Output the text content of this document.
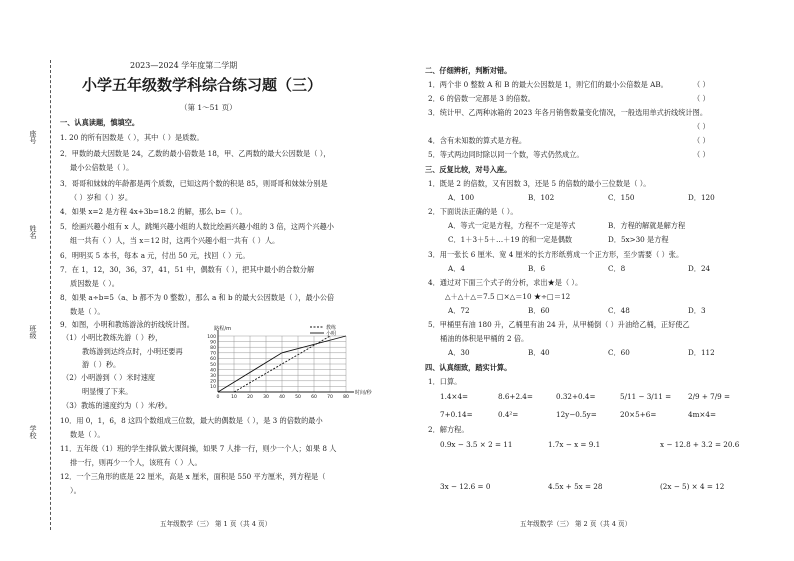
座号
姓名
班级
学校
2023—2024 学年度第二学期
小学五年级数学科综合练习题（三）
（第 1～51 页）
一、认真读题，慎填空。
1. 20 的所有因数是（ ），其中（ ）是质数。
2．甲数的最大因数是 24，乙数的最小倍数是 18，甲、乙两数的最大公因数是（ ），
最小公倍数是（ ）。
3．哥哥和妹妹的年龄都是两个质数，已知这两个数的积是 85，则哥哥和妹妹分别是
（ ）岁和（ ）岁。
4．如果 x=2 是方程 4x+3b=18.2 的解，那么 b=（ ）。
5．绘画兴趣小组有 x 人，跳绳兴趣小组的人数比绘画兴趣小组的 3 倍，这两个兴趣小
组一共有（ ）人，当 x＝12 时，这两个兴趣小组一共有（ ）人。
6．明明买 5 本书，每本 a 元，付出 50 元，找回（ ）元。
7．在 1，12，30，36，37，41，51 中，偶数有（ ），把其中最小的合数分解
质因数是（ ）。
8．如果 a÷b=5（a、b 都不为 0 整数），那么 a 和 b 的最大公因数是（ ），最小公倍
数是（ ）。
9．如图，小明和教练游泳的折线统计图。
（1）小明比教练先游（ ）秒，
教练游到达终点时，小明还要再
游（ ）秒。
（2）小明游到（ ）米时速度
明显慢了下来。
（3）教练的速度约为（ ）米/秒。
10
20
30
40
50
60
70
80
90
100
0	10 20 30 40 50 60 70 80
路程/m
时间/秒
教练
小明
10．用 0，1，6，8 这四个数组成三位数，最大的偶数是（ ），是 3 的倍数的最小
数是（ ）。
11．五年级（1）班的学生排队做大课间操，如果 7 人排一行，则少一个人；如果 8 人
排一行，则再少一个人，该班有（ ）人。
12．一个三角形的底是 22 厘米，高是 x 厘米，面积是 550 平方厘米，列方程是（
）。
五年级数学（三） 第 1 页（共 4 页）
二、仔细辨析，判断对错。
1．两个非 0 整数 A 和 B 的最大公因数是 1，则它们的最小公倍数是 AB。	（ ）
2．6 的倍数一定都是 3 的倍数。	（ ）
3．统计甲、乙两种冰箱的 2023 年各月销售数量变化情况，一般选用单式折线统计图。
（ ）
4．含有未知数的算式是方程。	（ ）
5．等式两边同时除以同一个数，等式仍然成立。	（ ）
三、反复比较，对号入座。
1．既是 2 的倍数，又有因数 3，还是 5 的倍数的最小三位数是（ ）。
A．100	B．102	C．150	D．120
2．下面说法正确的是（ ）。
A．等式一定是方程，方程不一定是等式	B．方程的解就是解方程
C．1＋3＋5＋…＋19 的和一定是偶数	D．5x>30 是方程
3．用一张长 6 厘米、宽 4 厘米的长方形纸剪成一个正方形，至少需要（ ）张。
A．4	B．6	C．8	D．24
4．通过对下面三个式子的分析，求出★是（ ）。
△＋△＋△＝7.5 □×△＝10 ★÷□＝12
A．72	B．60	C．48	D．3
5．甲桶里有油 180 升，乙桶里有油 24 升，从甲桶倒（ ）升油给乙桶，正好使乙
桶油的体积是甲桶的 2 倍。
A．30	B．40	C．60	D．112
四、认真细致，踏实计算。
1．口算。
1.4×4=	8.6+2.4=	0.32+0.4=	5/11 − 3/11 = 2/9 + 7/9 =
7+0.14=	0.4²=	12y−0.5y=	20×5+6=	4m×4=
2．解方程。
0.9x − 3.5 × 2 = 11	1.7x − x = 9.1	x − 12.8 + 3.2 = 20.6
3x − 12.6 = 0	4.5x + 5x = 28	(2x − 5) × 4 = 12
五年级数学（三） 第 2 页（共 4 页）
